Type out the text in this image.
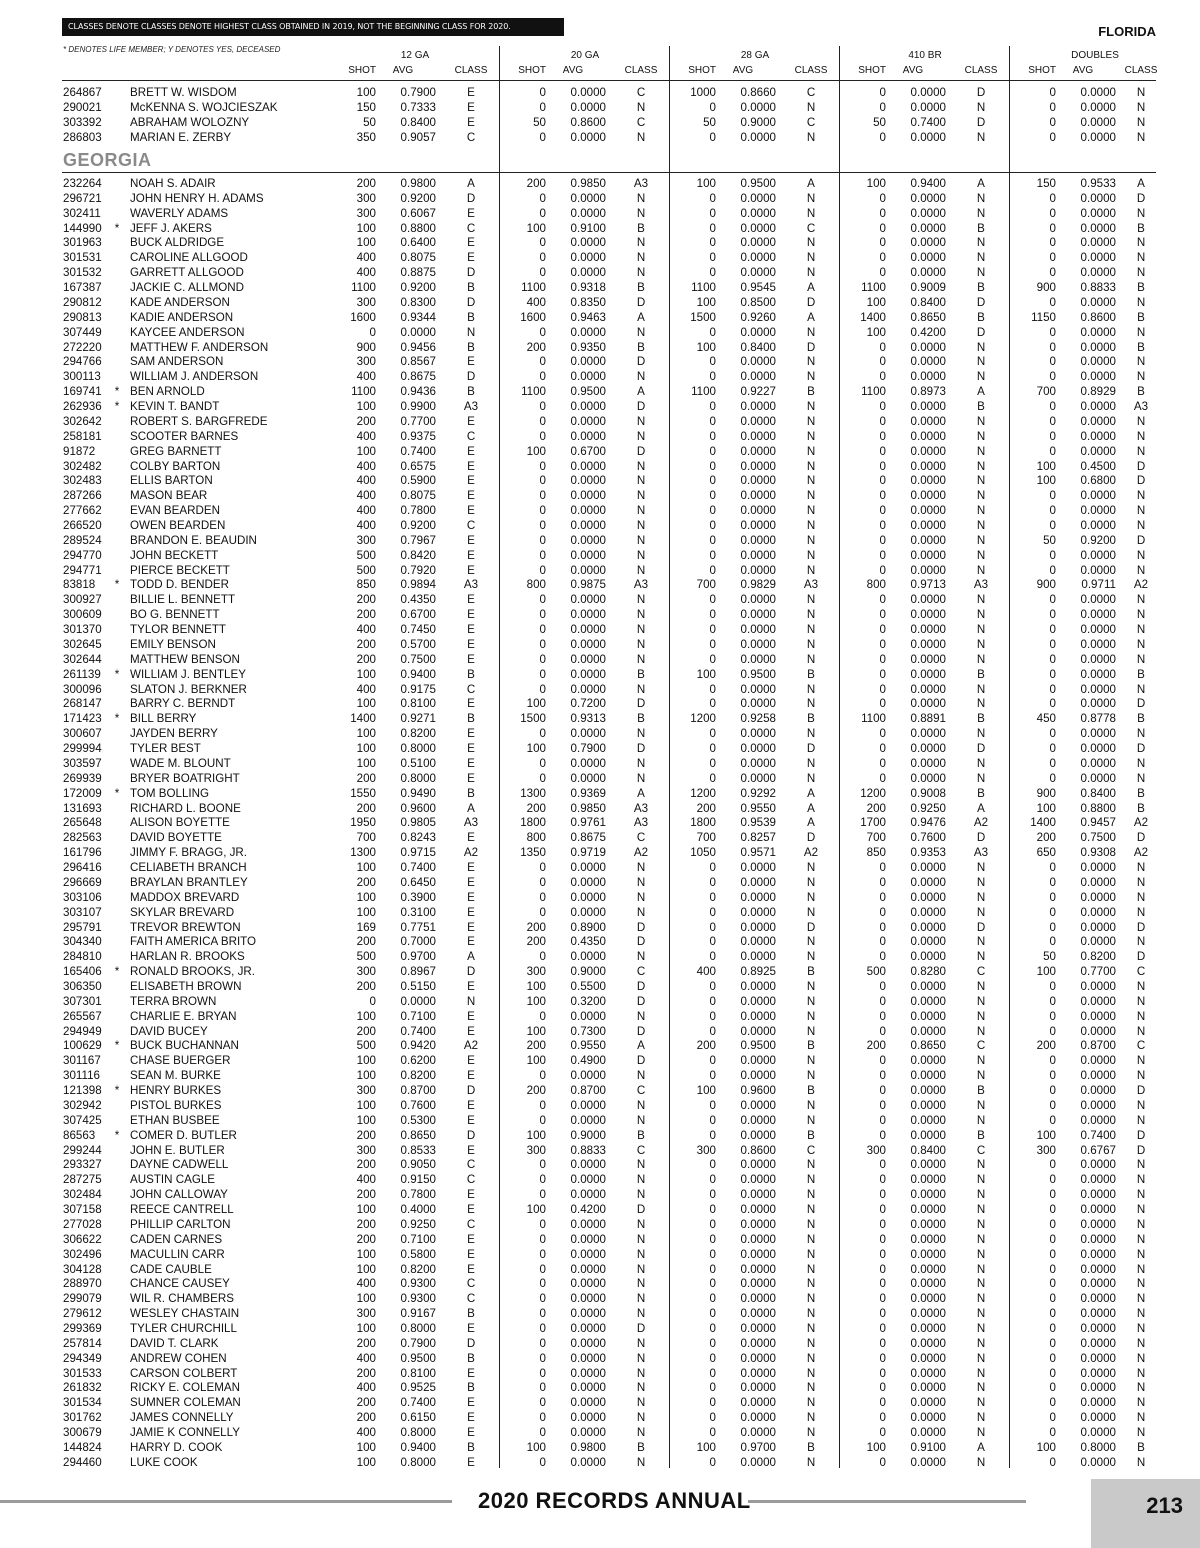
CLASSES DENOTE CLASSES DENOTE HIGHEST CLASS OBTAINED IN 2019, NOT THE BEGINNING CLASS FOR 2020.	FLORIDA
* DENOTES LIFE MEMBER; Y DENOTES YES, DECEASED
12 GA
SHOT	AVG	CLASS
20 GA
SHOT	AVG	CLASS
28 GA
SHOT	AVG	CLASS
410 BR
SHOT	AVG	CLASS
DOUBLES
SHOT	AVG	CLASS
GEORGIA
264867 BRETT W. WISDOM	100	0.7900	E	0	0.0000	C	1000	0.8660	C	0	0.0000	D	0	0.0000	N
290021 McKENNA S. WOJCIESZAK	150	0.7333	E	0	0.0000	N	0	0.0000	N	0	0.0000	N	0	0.0000	N
303392 ABRAHAM WOLOZNY	50	0.8400	E	50	0.8600	C	50	0.9000	C	50	0.7400	D	0	0.0000	N
286803 MARIAN E. ZERBY	350	0.9057	C	0	0.0000	N	0	0.0000	N	0	0.0000	N	0	0.0000	N
232264 NOAH S. ADAIR	200	0.9800	A	200	0.9850	A3	100	0.9500	A	100	0.9400	A	150	0.9533	A
296721 JOHN HENRY H. ADAMS	300	0.9200	D	0	0.0000	N	0	0.0000	N	0	0.0000	N	0	0.0000	D
302411	WAVERLY ADAMS	300	0.6067	E	0	0.0000	N	0	0.0000	N	0	0.0000	N	0	0.0000	N
144990	* JEFF J. AKERS	100	0.8800	C	100	0.9100	B	0	0.0000	C	0	0.0000	B	0	0.0000	B
301963 BUCK ALDRIDGE	100	0.6400	E	0	0.0000	N	0	0.0000	N	0	0.0000	N	0	0.0000	N
301531 CAROLINE ALLGOOD	400	0.8075	E	0	0.0000	N	0	0.0000	N	0	0.0000	N	0	0.0000	N
301532 GARRETT ALLGOOD	400	0.8875	D	0	0.0000	N	0	0.0000	N	0	0.0000	N	0	0.0000	N
167387 JACKIE C. ALLMOND	1100	0.9200	B	1100	0.9318	B	1100	0.9545	A	1100	0.9009	B	900	0.8833	B
290812 KADE ANDERSON	300	0.8300	D	400	0.8350	D	100	0.8500	D	100	0.8400	D	0	0.0000	N
290813 KADIE ANDERSON	1600	0.9344	B	1600	0.9463	A	1500	0.9260	A	1400	0.8650	B	1150	0.8600	B
307449 KAYCEE ANDERSON	0	0.0000	N	0	0.0000	N	0	0.0000	N	100	0.4200	D	0	0.0000	N
272220 MATTHEW F. ANDERSON	900	0.9456	B	200	0.9350	B	100	0.8400	D	0	0.0000	N	0	0.0000	B
294766 SAM ANDERSON	300	0.8567	E	0	0.0000	D	0	0.0000	N	0	0.0000	N	0	0.0000	N
300113	WILLIAM J. ANDERSON	400	0.8675	D	0	0.0000	N	0	0.0000	N	0	0.0000	N	0	0.0000	N
169741	* BEN ARNOLD	1100	0.9436	B	1100	0.9500	A	1100	0.9227	B	1100	0.8973	A	700	0.8929	B
262936	* KEVIN T. BANDT	100	0.9900	A3	0	0.0000	D	0	0.0000	N	0	0.0000	B	0	0.0000	A3
302642 ROBERT S. BARGFREDE	200	0.7700	E	0	0.0000	N	0	0.0000	N	0	0.0000	N	0	0.0000	N
258181 SCOOTER BARNES	400	0.9375	C	0	0.0000	N	0	0.0000	N	0	0.0000	N	0	0.0000	N
91872	GREG BARNETT	100	0.7400	E	100	0.6700	D	0	0.0000	N	0	0.0000	N	0	0.0000	N
302482 COLBY BARTON	400	0.6575	E	0	0.0000	N	0	0.0000	N	0	0.0000	N	100	0.4500	D
302483 ELLIS BARTON	400	0.5900	E	0	0.0000	N	0	0.0000	N	0	0.0000	N	100	0.6800	D
287266 MASON BEAR	400	0.8075	E	0	0.0000	N	0	0.0000	N	0	0.0000	N	0	0.0000	N
277662 EVAN BEARDEN	400	0.7800	E	0	0.0000	N	0	0.0000	N	0	0.0000	N	0	0.0000	N
266520 OWEN BEARDEN	400	0.9200	C	0	0.0000	N	0	0.0000	N	0	0.0000	N	0	0.0000	N
289524 BRANDON E. BEAUDIN	300	0.7967	E	0	0.0000	N	0	0.0000	N	0	0.0000	N	50	0.9200	D
294770 JOHN BECKETT	500	0.8420	E	0	0.0000	N	0	0.0000	N	0	0.0000	N	0	0.0000	N
294771 PIERCE BECKETT	500	0.7920	E	0	0.0000	N	0	0.0000	N	0	0.0000	N	0	0.0000	N
83818	* TODD D. BENDER	850	0.9894	A3	800	0.9875	A3	700	0.9829	A3	800	0.9713	A3	900	0.9711	A2
300927 BILLIE L. BENNETT	200	0.4350	E	0	0.0000	N	0	0.0000	N	0	0.0000	N	0	0.0000	N
300609 BO G. BENNETT	200	0.6700	E	0	0.0000	N	0	0.0000	N	0	0.0000	N	0	0.0000	N
301370 TYLOR BENNETT	400	0.7450	E	0	0.0000	N	0	0.0000	N	0	0.0000	N	0	0.0000	N
302645 EMILY BENSON	200	0.5700	E	0	0.0000	N	0	0.0000	N	0	0.0000	N	0	0.0000	N
302644 MATTHEW BENSON	200	0.7500	E	0	0.0000	N	0	0.0000	N	0	0.0000	N	0	0.0000	N
261139	* WILLIAM J. BENTLEY	100	0.9400	B	0	0.0000	B	100	0.9500	B	0	0.0000	B	0	0.0000	B
300096 SLATON J. BERKNER	400	0.9175	C	0	0.0000	N	0	0.0000	N	0	0.0000	N	0	0.0000	N
268147 BARRY C. BERNDT	100	0.8100	E	100	0.7200	D	0	0.0000	N	0	0.0000	N	0	0.0000	D
171423	* BILL BERRY	1400	0.9271	B	1500	0.9313	B	1200	0.9258	B	1100	0.8891	B	450	0.8778	B
300607 JAYDEN BERRY	100	0.8200	E	0	0.0000	N	0	0.0000	N	0	0.0000	N	0	0.0000	N
299994 TYLER BEST	100	0.8000	E	100	0.7900	D	0	0.0000	D	0	0.0000	D	0	0.0000	D
303597 WADE M. BLOUNT	100	0.5100	E	0	0.0000	N	0	0.0000	N	0	0.0000	N	0	0.0000	N
269939 BRYER BOATRIGHT	200	0.8000	E	0	0.0000	N	0	0.0000	N	0	0.0000	N	0	0.0000	N
172009	* TOM BOLLING	1550	0.9490	B	1300	0.9369	A	1200	0.9292	A	1200	0.9008	B	900	0.8400	B
131693 RICHARD L. BOONE	200	0.9600	A	200	0.9850	A3	200	0.9550	A	200	0.9250	A	100	0.8800	B
265648 ALISON BOYETTE	1950	0.9805	A3	1800	0.9761	A3	1800	0.9539	A	1700	0.9476	A2	1400	0.9457	A2
282563 DAVID BOYETTE	700	0.8243	E	800	0.8675	C	700	0.8257	D	700	0.7600	D	200	0.7500	D
161796 JIMMY F. BRAGG, JR.	1300	0.9715	A2	1350	0.9719	A2	1050	0.9571	A2	850	0.9353	A3	650	0.9308	A2
296416 CELIABETH BRANCH	100	0.7400	E	0	0.0000	N	0	0.0000	N	0	0.0000	N	0	0.0000	N
296669 BRAYLAN BRANTLEY	200	0.6450	E	0	0.0000	N	0	0.0000	N	0	0.0000	N	0	0.0000	N
303106 MADDOX BREVARD	100	0.3900	E	0	0.0000	N	0	0.0000	N	0	0.0000	N	0	0.0000	N
303107 SKYLAR BREVARD	100	0.3100	E	0	0.0000	N	0	0.0000	N	0	0.0000	N	0	0.0000	N
295791 TREVOR BREWTON	169	0.7751	E	200	0.8900	D	0	0.0000	D	0	0.0000	D	0	0.0000	D
304340 FAITH AMERICA BRITO	200	0.7000	E	200	0.4350	D	0	0.0000	N	0	0.0000	N	0	0.0000	N
284810 HARLAN R. BROOKS	500	0.9700	A	0	0.0000	N	0	0.0000	N	0	0.0000	N	50	0.8200	D
165406	* RONALD BROOKS, JR.	300	0.8967	D	300	0.9000	C	400	0.8925	B	500	0.8280	C	100	0.7700	C
306350 ELISABETH BROWN	200	0.5150	E	100	0.5500	D	0	0.0000	N	0	0.0000	N	0	0.0000	N
307301 TERRA BROWN	0	0.0000	N	100	0.3200	D	0	0.0000	N	0	0.0000	N	0	0.0000	N
265567 CHARLIE E. BRYAN	100	0.7100	E	0	0.0000	N	0	0.0000	N	0	0.0000	N	0	0.0000	N
294949 DAVID BUCEY	200	0.7400	E	100	0.7300	D	0	0.0000	N	0	0.0000	N	0	0.0000	N
100629	* BUCK BUCHANNAN	500	0.9420	A2	200	0.9550	A	200	0.9500	B	200	0.8650	C	200	0.8700	C
301167	CHASE BUERGER	100	0.6200	E	100	0.4900	D	0	0.0000	N	0	0.0000	N	0	0.0000	N
301116	SEAN M. BURKE	100	0.8200	E	0	0.0000	N	0	0.0000	N	0	0.0000	N	0	0.0000	N
121398	* HENRY BURKES	300	0.8700	D	200	0.8700	C	100	0.9600	B	0	0.0000	B	0	0.0000	D
302942 PISTOL BURKES	100	0.7600	E	0	0.0000	N	0	0.0000	N	0	0.0000	N	0	0.0000	N
307425 ETHAN BUSBEE	100	0.5300	E	0	0.0000	N	0	0.0000	N	0	0.0000	N	0	0.0000	N
86563	* COMER D. BUTLER	200	0.8650	D	100	0.9000	B	0	0.0000	B	0	0.0000	B	100	0.7400	D
299244 JOHN E. BUTLER	300	0.8533	E	300	0.8833	C	300	0.8600	C	300	0.8400	C	300	0.6767	D
293327 DAYNE CADWELL	200	0.9050	C	0	0.0000	N	0	0.0000	N	0	0.0000	N	0	0.0000	N
287275 AUSTIN CAGLE	400	0.9150	C	0	0.0000	N	0	0.0000	N	0	0.0000	N	0	0.0000	N
302484 JOHN CALLOWAY	200	0.7800	E	0	0.0000	N	0	0.0000	N	0	0.0000	N	0	0.0000	N
307158 REECE CANTRELL	100	0.4000	E	100	0.4200	D	0	0.0000	N	0	0.0000	N	0	0.0000	N
277028 PHILLIP CARLTON	200	0.9250	C	0	0.0000	N	0	0.0000	N	0	0.0000	N	0	0.0000	N
306622 CADEN CARNES	200	0.7100	E	0	0.0000	N	0	0.0000	N	0	0.0000	N	0	0.0000	N
302496 MACULLIN CARR	100	0.5800	E	0	0.0000	N	0	0.0000	N	0	0.0000	N	0	0.0000	N
304128 CADE CAUBLE	100	0.8200	E	0	0.0000	N	0	0.0000	N	0	0.0000	N	0	0.0000	N
288970 CHANCE CAUSEY	400	0.9300	C	0	0.0000	N	0	0.0000	N	0	0.0000	N	0	0.0000	N
299079 WIL R. CHAMBERS	100	0.9300	C	0	0.0000	N	0	0.0000	N	0	0.0000	N	0	0.0000	N
279612 WESLEY CHASTAIN	300	0.9167	B	0	0.0000	N	0	0.0000	N	0	0.0000	N	0	0.0000	N
299369 TYLER CHURCHILL	100	0.8000	E	0	0.0000	D	0	0.0000	N	0	0.0000	N	0	0.0000	N
257814 DAVID T. CLARK	200	0.7900	D	0	0.0000	N	0	0.0000	N	0	0.0000	N	0	0.0000	N
294349 ANDREW COHEN	400	0.9500	B	0	0.0000	N	0	0.0000	N	0	0.0000	N	0	0.0000	N
301533 CARSON COLBERT	200	0.8100	E	0	0.0000	N	0	0.0000	N	0	0.0000	N	0	0.0000	N
261832 RICKY E. COLEMAN	400	0.9525	B	0	0.0000	N	0	0.0000	N	0	0.0000	N	0	0.0000	N
301534 SUMNER COLEMAN	200	0.7400	E	0	0.0000	N	0	0.0000	N	0	0.0000	N	0	0.0000	N
301762 JAMES CONNELLY	200	0.6150	E	0	0.0000	N	0	0.0000	N	0	0.0000	N	0	0.0000	N
300679 JAMIE K CONNELLY	400	0.8000	E	0	0.0000	N	0	0.0000	N	0	0.0000	N	0	0.0000	N
144824 HARRY D. COOK	100	0.9400	B	100	0.9800	B	100	0.9700	B	100	0.9100	A	100	0.8000	B
294460 LUKE COOK	100	0.8000	E	0	0.0000	N	0	0.0000	N	0	0.0000	N	0	0.0000	N
2020 RECORDS ANNUAL	213
